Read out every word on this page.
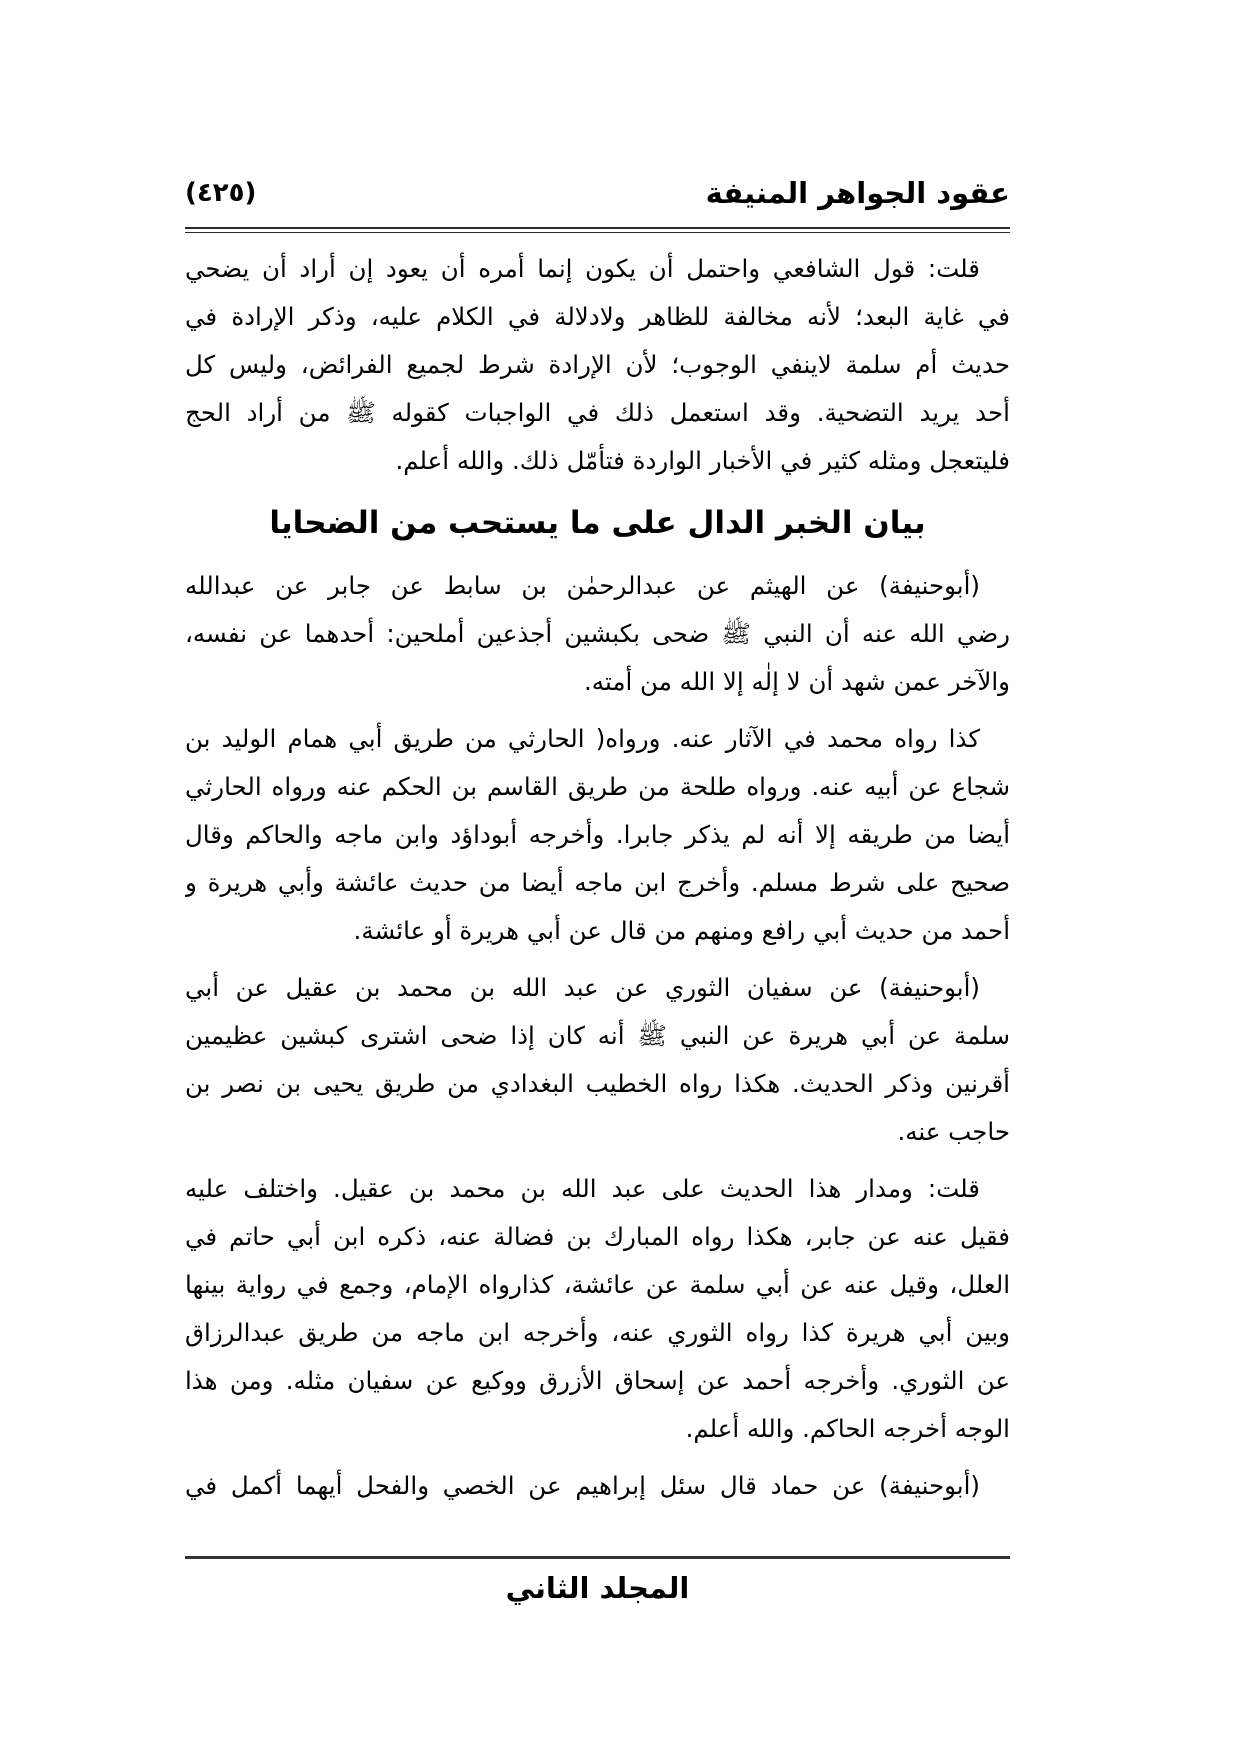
عقود الجواهر المنيفة
(٤٢٥)
قلت: قول الشافعي واحتمل أن يكون إنما أمره أن يعود إن أراد أن يضحي
في غاية البعد؛ لأنه مخالفة للظاهر ولادلالة في الكلام عليه، وذكر الإرادة في
حديث أم سلمة لاينفي الوجوب؛ لأن الإرادة شرط لجميع الفرائض، وليس كل
أحد يريد التضحية. وقد استعمل ذلك في الواجبات كقوله ﷺ من أراد الحج
فليتعجل ومثله كثير في الأخبار الواردة فتأمّل ذلك. والله أعلم.
بيان الخبر الدال على ما يستحب من الضحايا
(أبوحنيفة) عن الهيثم عن عبدالرحمٰن بن سابط عن جابر عن عبدالله
رضي الله عنه أن النبي ﷺ ضحى بكبشين أجذعين أملحين: أحدهما عن نفسه،
والآخر عمن شهد أن لا إلٰه إلا الله من أمته.
كذا رواه محمد في الآثار عنه. ورواه( الحارثي من طريق أبي همام الوليد بن
شجاع عن أبيه عنه. ورواه طلحة من طريق القاسم بن الحكم عنه ورواه الحارثي
أيضا من طريقه إلا أنه لم يذكر جابرا. وأخرجه أبوداؤد وابن ماجه والحاكم وقال
صحيح على شرط مسلم. وأخرج ابن ماجه أيضا من حديث عائشة وأبي هريرة و
أحمد من حديث أبي رافع ومنهم من قال عن أبي هريرة أو عائشة.
(أبوحنيفة) عن سفيان الثوري عن عبد الله بن محمد بن عقيل عن أبي
سلمة عن أبي هريرة عن النبي ﷺ أنه كان إذا ضحى اشترى كبشين عظيمين
أقرنين وذكر الحديث. هكذا رواه الخطيب البغدادي من طريق يحيى بن نصر بن
حاجب عنه.
قلت: ومدار هذا الحديث على عبد الله بن محمد بن عقيل. واختلف عليه
فقيل عنه عن جابر، هكذا رواه المبارك بن فضالة عنه، ذكره ابن أبي حاتم في
العلل، وقيل عنه عن أبي سلمة عن عائشة، كذارواه الإمام، وجمع في رواية بينها
وبين أبي هريرة كذا رواه الثوري عنه، وأخرجه ابن ماجه من طريق عبدالرزاق
عن الثوري. وأخرجه أحمد عن إسحاق الأزرق ووكيع عن سفيان مثله. ومن هذا
الوجه أخرجه الحاكم. والله أعلم.
(أبوحنيفة) عن حماد قال سئل إبراهيم عن الخصي والفحل أيهما أكمل في
المجلد الثاني
